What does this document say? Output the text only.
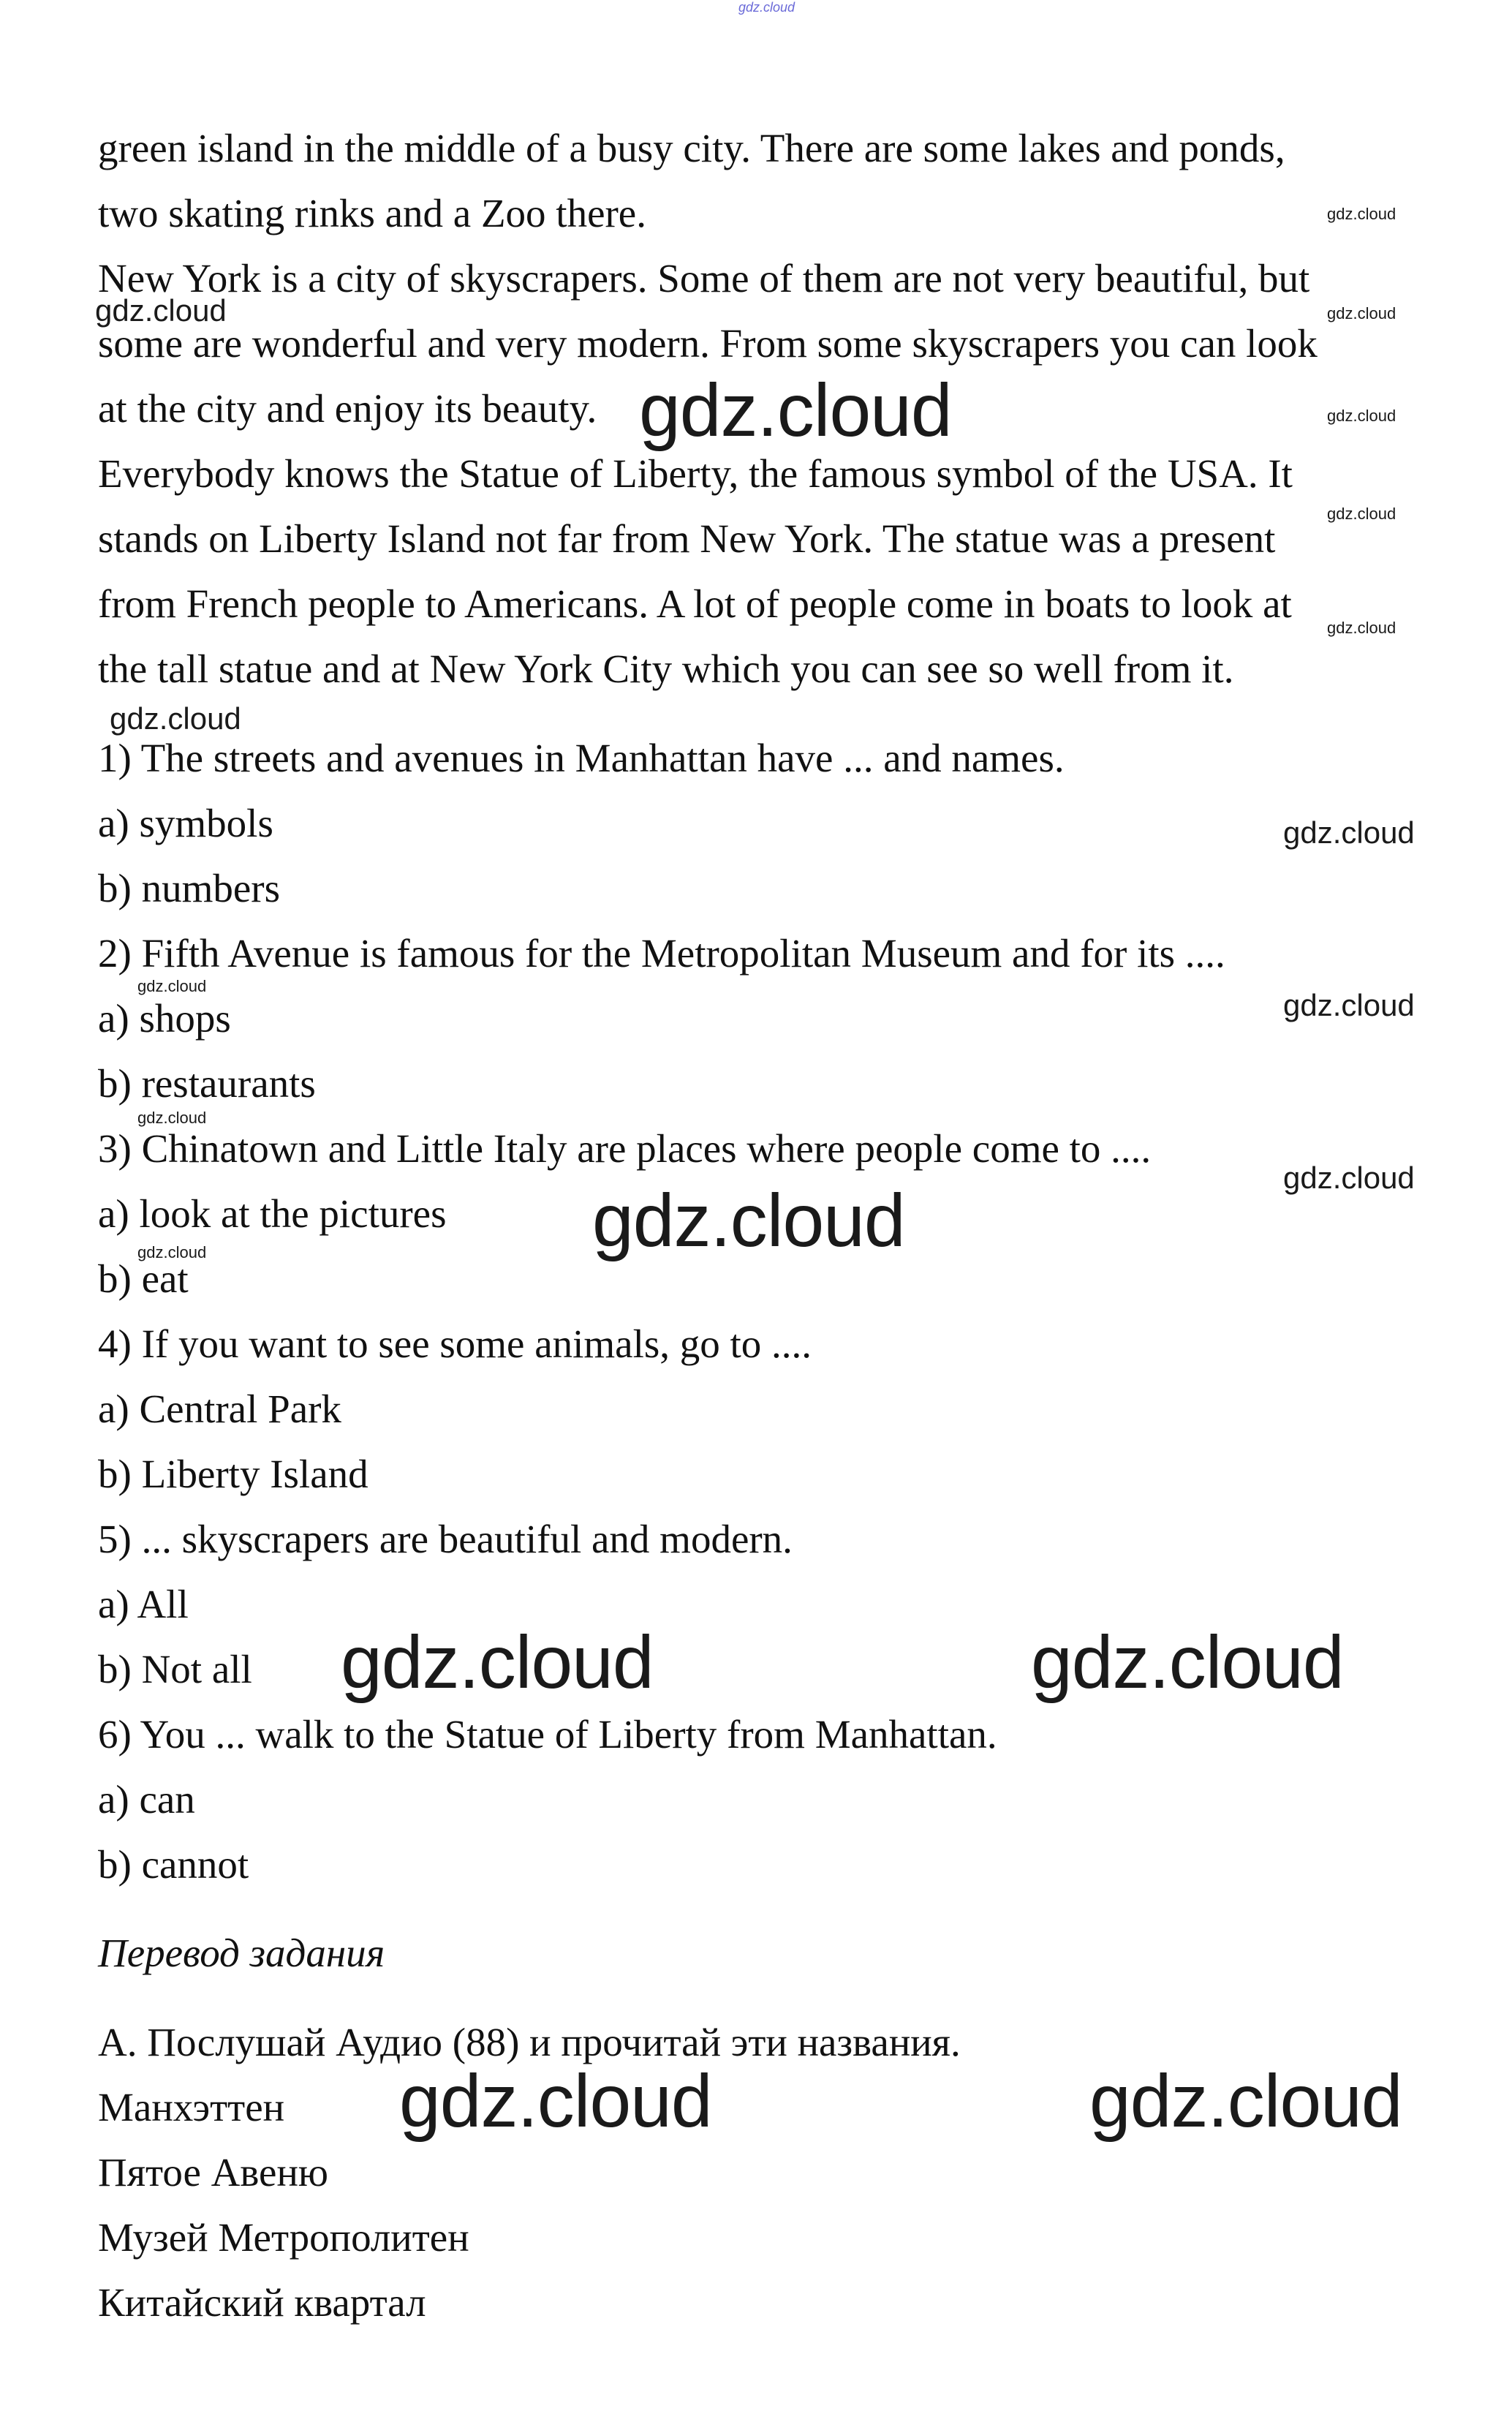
gdz.cloud

green island in the middle of a busy city. There are some lakes and ponds,

two skating rinks and a Zoo there.

New York is a city of skyscrapers. Some of them are not very beautiful, but

some are wonderful and very modern. From some skyscrapers you can look

at the city and enjoy its beauty.

Everybody knows the Statue of Liberty, the famous symbol of the USA. It

stands on Liberty Island not far from New York. The statue was a present

from French people to Americans. A lot of people come in boats to look at

the tall statue and at New York City which you can see so well from it.

1) The streets and avenues in Manhattan have ... and names.

a) symbols

b) numbers

2) Fifth Avenue is famous for the Metropolitan Museum and for its ....

a) shops

b) restaurants

3) Chinatown and Little Italy are places where people come to ....

a) look at the pictures

b) eat

4) If you want to see some animals, go to ....

a) Central Park

b) Liberty Island

5) ... skyscrapers are beautiful and modern.

a) All

b) Not all

6) You ... walk to the Statue of Liberty from Manhattan.

a) can

b) cannot

Перевод задания

А. Послушай Аудио (88) и прочитай эти названия.

Манхэттен

Пятое Авеню

Музей Метрополитен

Китайский квартал

gdz.cloud
gdz.cloud	gdz.cloud
gdz.cloud	gdz.cloud
gdz.cloud
gdz.cloud
gdz.cloud
gdz.cloud
gdz.cloud
gdz.cloud
gdz.cloud
gdz.cloud
gdz.cloud
gdz.cloud
gdz.cloud	gdz.cloud
gdz.cloud	gdz.cloud
